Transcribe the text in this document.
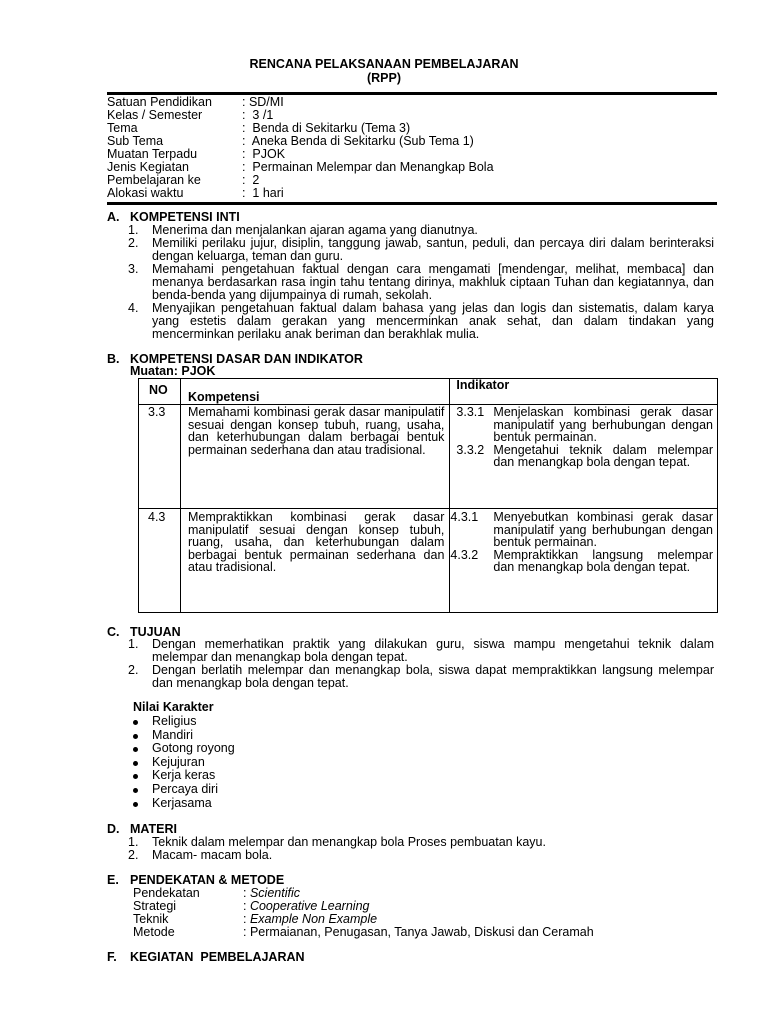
RENCANA PELAKSANAAN PEMBELAJARAN
(RPP)
Satuan Pendidikan : SD/MI
Kelas / Semester	:  3 /1
Tema	:  Benda di Sekitarku (Tema 3)
Sub Tema	:  Aneka Benda di Sekitarku (Sub Tema 1)
Muatan Terpadu	:  PJOK
Jenis Kegiatan	:  Permainan Melempar dan Menangkap Bola
Pembelajaran ke	:  2
Alokasi waktu	:  1 hari
A. KOMPETENSI INTI
1. Menerima dan menjalankan ajaran agama yang dianutnya.
2. Memiliki perilaku jujur, disiplin, tanggung jawab, santun, peduli, dan percaya diri dalam berinteraksi dengan keluarga, teman dan guru.
3. Memahami pengetahuan faktual dengan cara mengamati [mendengar, melihat, membaca] dan menanya berdasarkan rasa ingin tahu tentang dirinya, makhluk ciptaan Tuhan dan kegiatannya, dan benda-benda yang dijumpainya di rumah, sekolah.
4. Menyajikan pengetahuan faktual dalam bahasa yang jelas dan logis dan sistematis, dalam karya yang estetis dalam gerakan yang mencerminkan anak sehat, dan dalam tindakan yang mencerminkan perilaku anak beriman dan berakhlak mulia.
B. KOMPETENSI DASAR DAN INDIKATOR
Muatan: PJOK
NO	Kompetensi	Indikator
3.3	Memahami kombinasi gerak dasar manipulatif sesuai dengan konsep tubuh, ruang, usaha, dan keterhubungan dalam berbagai bentuk permainan sederhana dan atau tradisional.	3.3.1 Menjelaskan kombinasi gerak dasar manipulatif yang berhubungan dengan bentuk permainan.
3.3.2 Mengetahui teknik dalam melempar dan menangkap bola dengan tepat.

4.3	Mempraktikkan kombinasi gerak dasar manipulatif sesuai dengan konsep tubuh, ruang, usaha, dan keterhubungan dalam berbagai bentuk permainan sederhana dan atau tradisional.	4.3.1 Menyebutkan kombinasi gerak dasar manipulatif yang berhubungan dengan bentuk permainan.
4.3.2 Mempraktikkan langsung melempar dan menangkap bola dengan tepat.
C. TUJUAN
1. Dengan memerhatikan praktik yang dilakukan guru, siswa mampu mengetahui teknik dalam melempar dan menangkap bola dengan tepat.
2. Dengan berlatih melempar dan menangkap bola, siswa dapat mempraktikkan langsung melempar dan menangkap bola dengan tepat.
Nilai Karakter
Religius
Mandiri
Gotong royong
Kejujuran
Kerja keras
Percaya diri
Kerjasama
D. MATERI
1. Teknik dalam melempar dan menangkap bola Proses pembuatan kayu.
2. Macam- macam bola.
E. PENDEKATAN & METODE
Pendekatan	: Scientific
Strategi	: Cooperative Learning
Teknik	: Example Non Example
Metode	: Permaianan, Penugasan, Tanya Jawab, Diskusi dan Ceramah
F. KEGIATAN  PEMBELAJARAN
